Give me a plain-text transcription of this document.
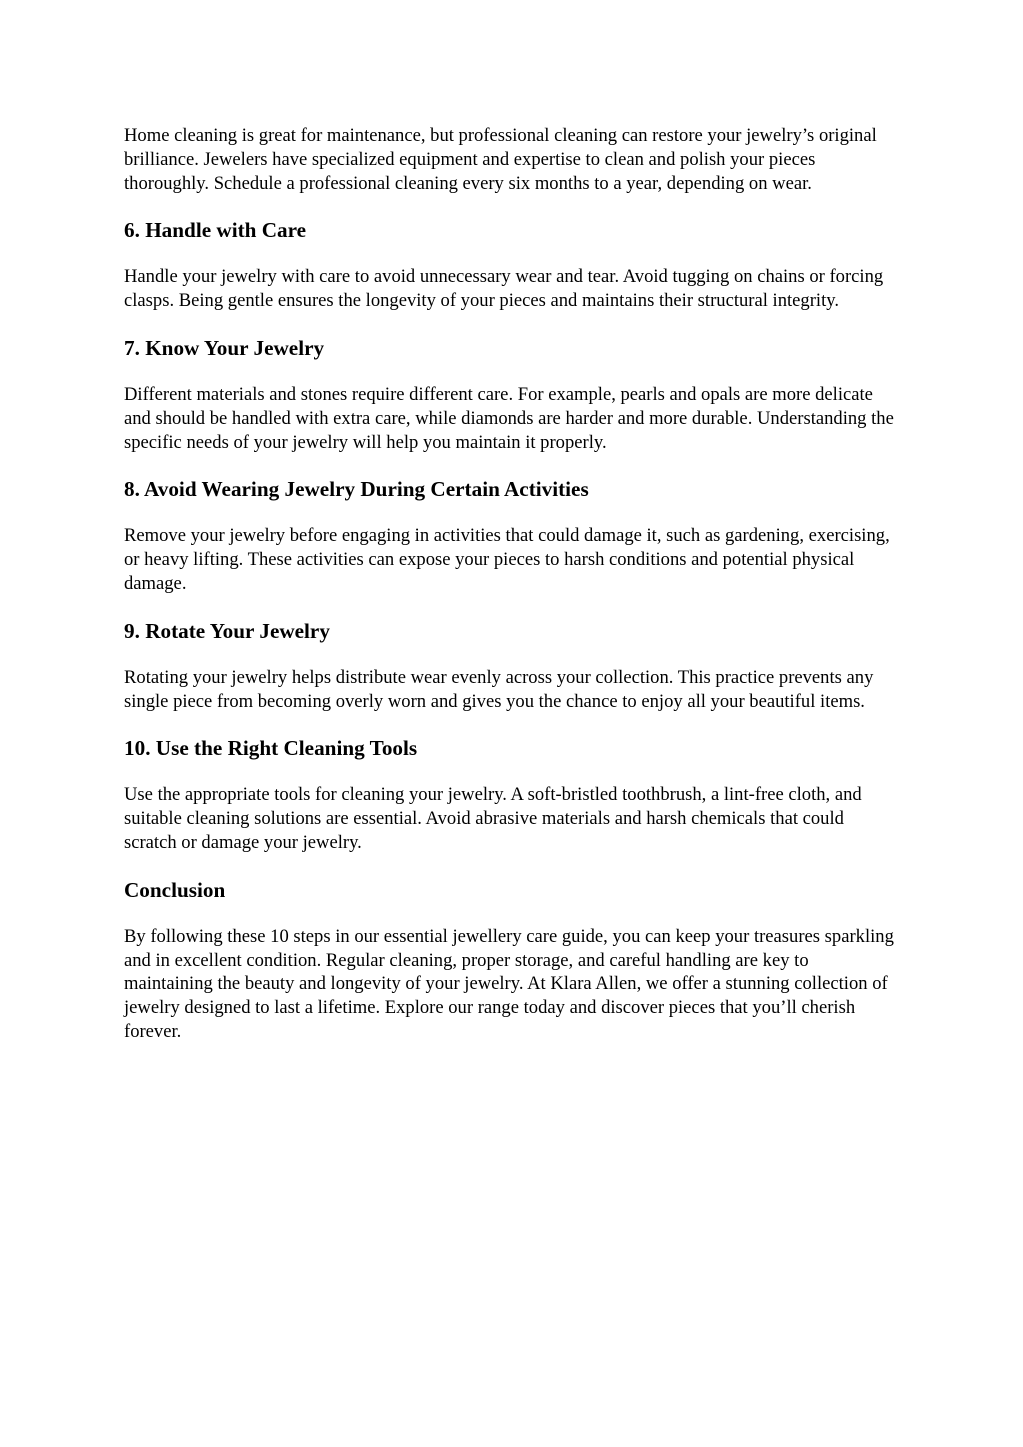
Home cleaning is great for maintenance, but professional cleaning can restore your jewelry’s original brilliance. Jewelers have specialized equipment and expertise to clean and polish your pieces thoroughly. Schedule a professional cleaning every six months to a year, depending on wear.

6. Handle with Care

Handle your jewelry with care to avoid unnecessary wear and tear. Avoid tugging on chains or forcing clasps. Being gentle ensures the longevity of your pieces and maintains their structural integrity.

7. Know Your Jewelry

Different materials and stones require different care. For example, pearls and opals are more delicate and should be handled with extra care, while diamonds are harder and more durable. Understanding the specific needs of your jewelry will help you maintain it properly.

8. Avoid Wearing Jewelry During Certain Activities

Remove your jewelry before engaging in activities that could damage it, such as gardening, exercising, or heavy lifting. These activities can expose your pieces to harsh conditions and potential physical damage.

9. Rotate Your Jewelry

Rotating your jewelry helps distribute wear evenly across your collection. This practice prevents any single piece from becoming overly worn and gives you the chance to enjoy all your beautiful items.

10. Use the Right Cleaning Tools

Use the appropriate tools for cleaning your jewelry. A soft-bristled toothbrush, a lint-free cloth, and suitable cleaning solutions are essential. Avoid abrasive materials and harsh chemicals that could scratch or damage your jewelry.

Conclusion

By following these 10 steps in our essential jewellery care guide, you can keep your treasures sparkling and in excellent condition. Regular cleaning, proper storage, and careful handling are key to maintaining the beauty and longevity of your jewelry. At Klara Allen, we offer a stunning collection of jewelry designed to last a lifetime. Explore our range today and discover pieces that you’ll cherish forever.
